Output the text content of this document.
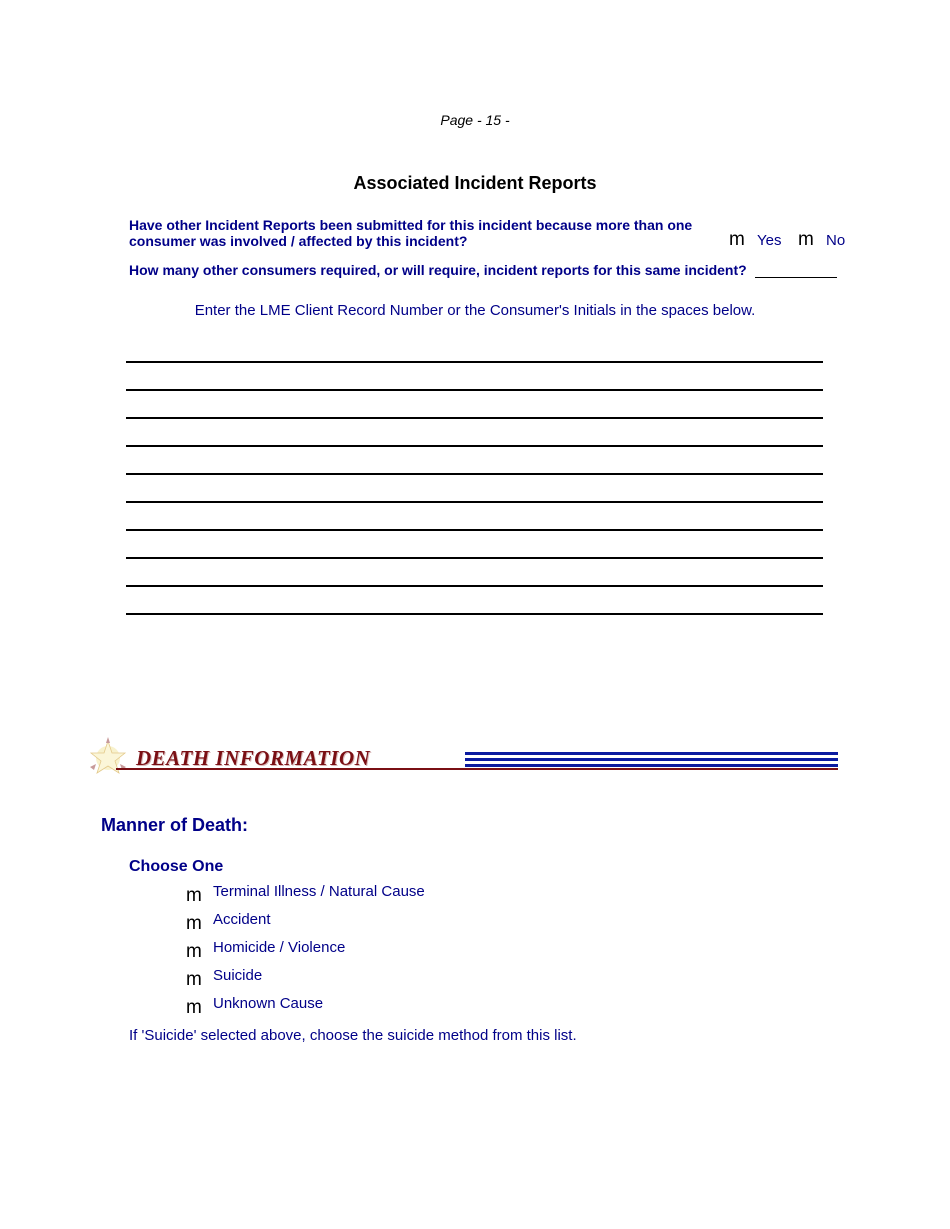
Page - 15 -
Associated Incident Reports
Have other Incident Reports been submitted for this incident because more than one consumer was involved / affected by this incident?	m Yes m No
How many other consumers required, or will require, incident reports for this same incident?
Enter the LME Client Record Number or the Consumer's Initials in the spaces below.
DEATH INFORMATION
Manner of Death:
Choose One
m Terminal Illness / Natural Cause
m Accident
m Homicide / Violence
m Suicide
m Unknown Cause
If 'Suicide' selected above, choose the suicide method from this list.
